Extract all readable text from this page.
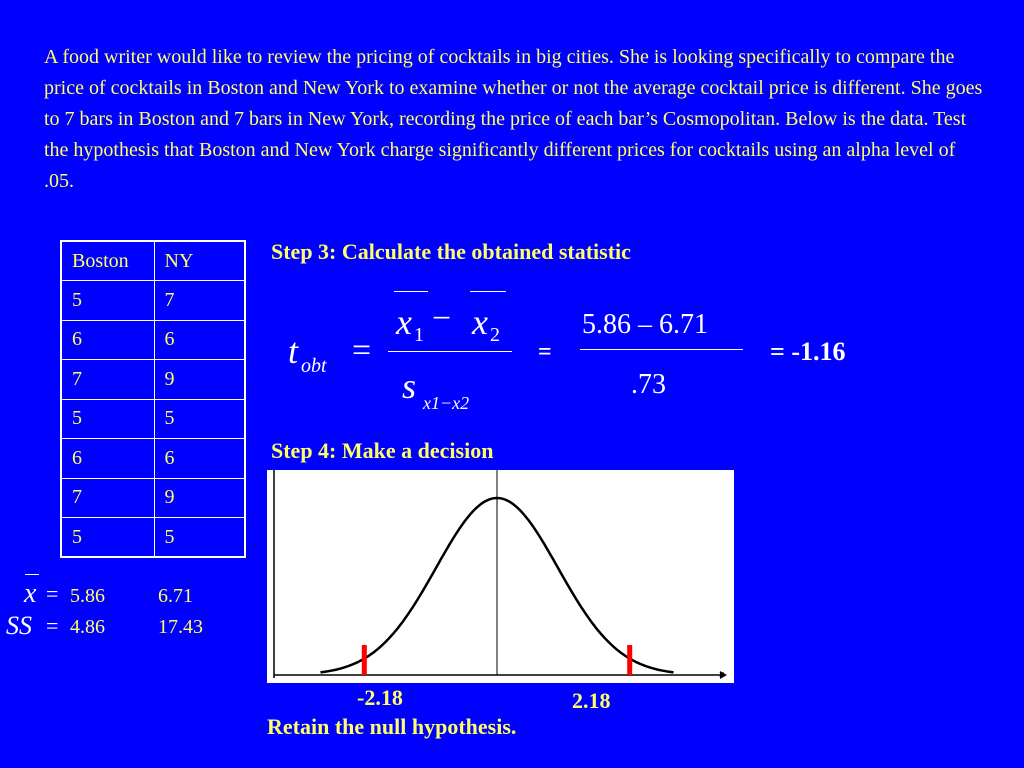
A food writer would like to review the pricing of cocktails in big cities. She is looking specifically to compare the price of cocktails in Boston and New York to examine whether or not the average cocktail price is different. She goes to 7 bars in Boston and 7 bars in New York, recording the price of each bar’s Cosmopolitan. Below is the data. Test the hypothesis that Boston and New York charge significantly different prices for cocktails using an alpha level of .05.

Boston	NY
5	7
6	6
7	9
5	5
6	6
7	9
5	5
x = 5.86	6.71
SS = 4.86	17.43
Step 3: Calculate the obtained statistic
t obt =
x 1 − x 2
s x1−x2
=
5.86 – 6.71
.73
= -1.16
Step 4: Make a decision
x
-2.18	2.18

Retain the null hypothesis.
